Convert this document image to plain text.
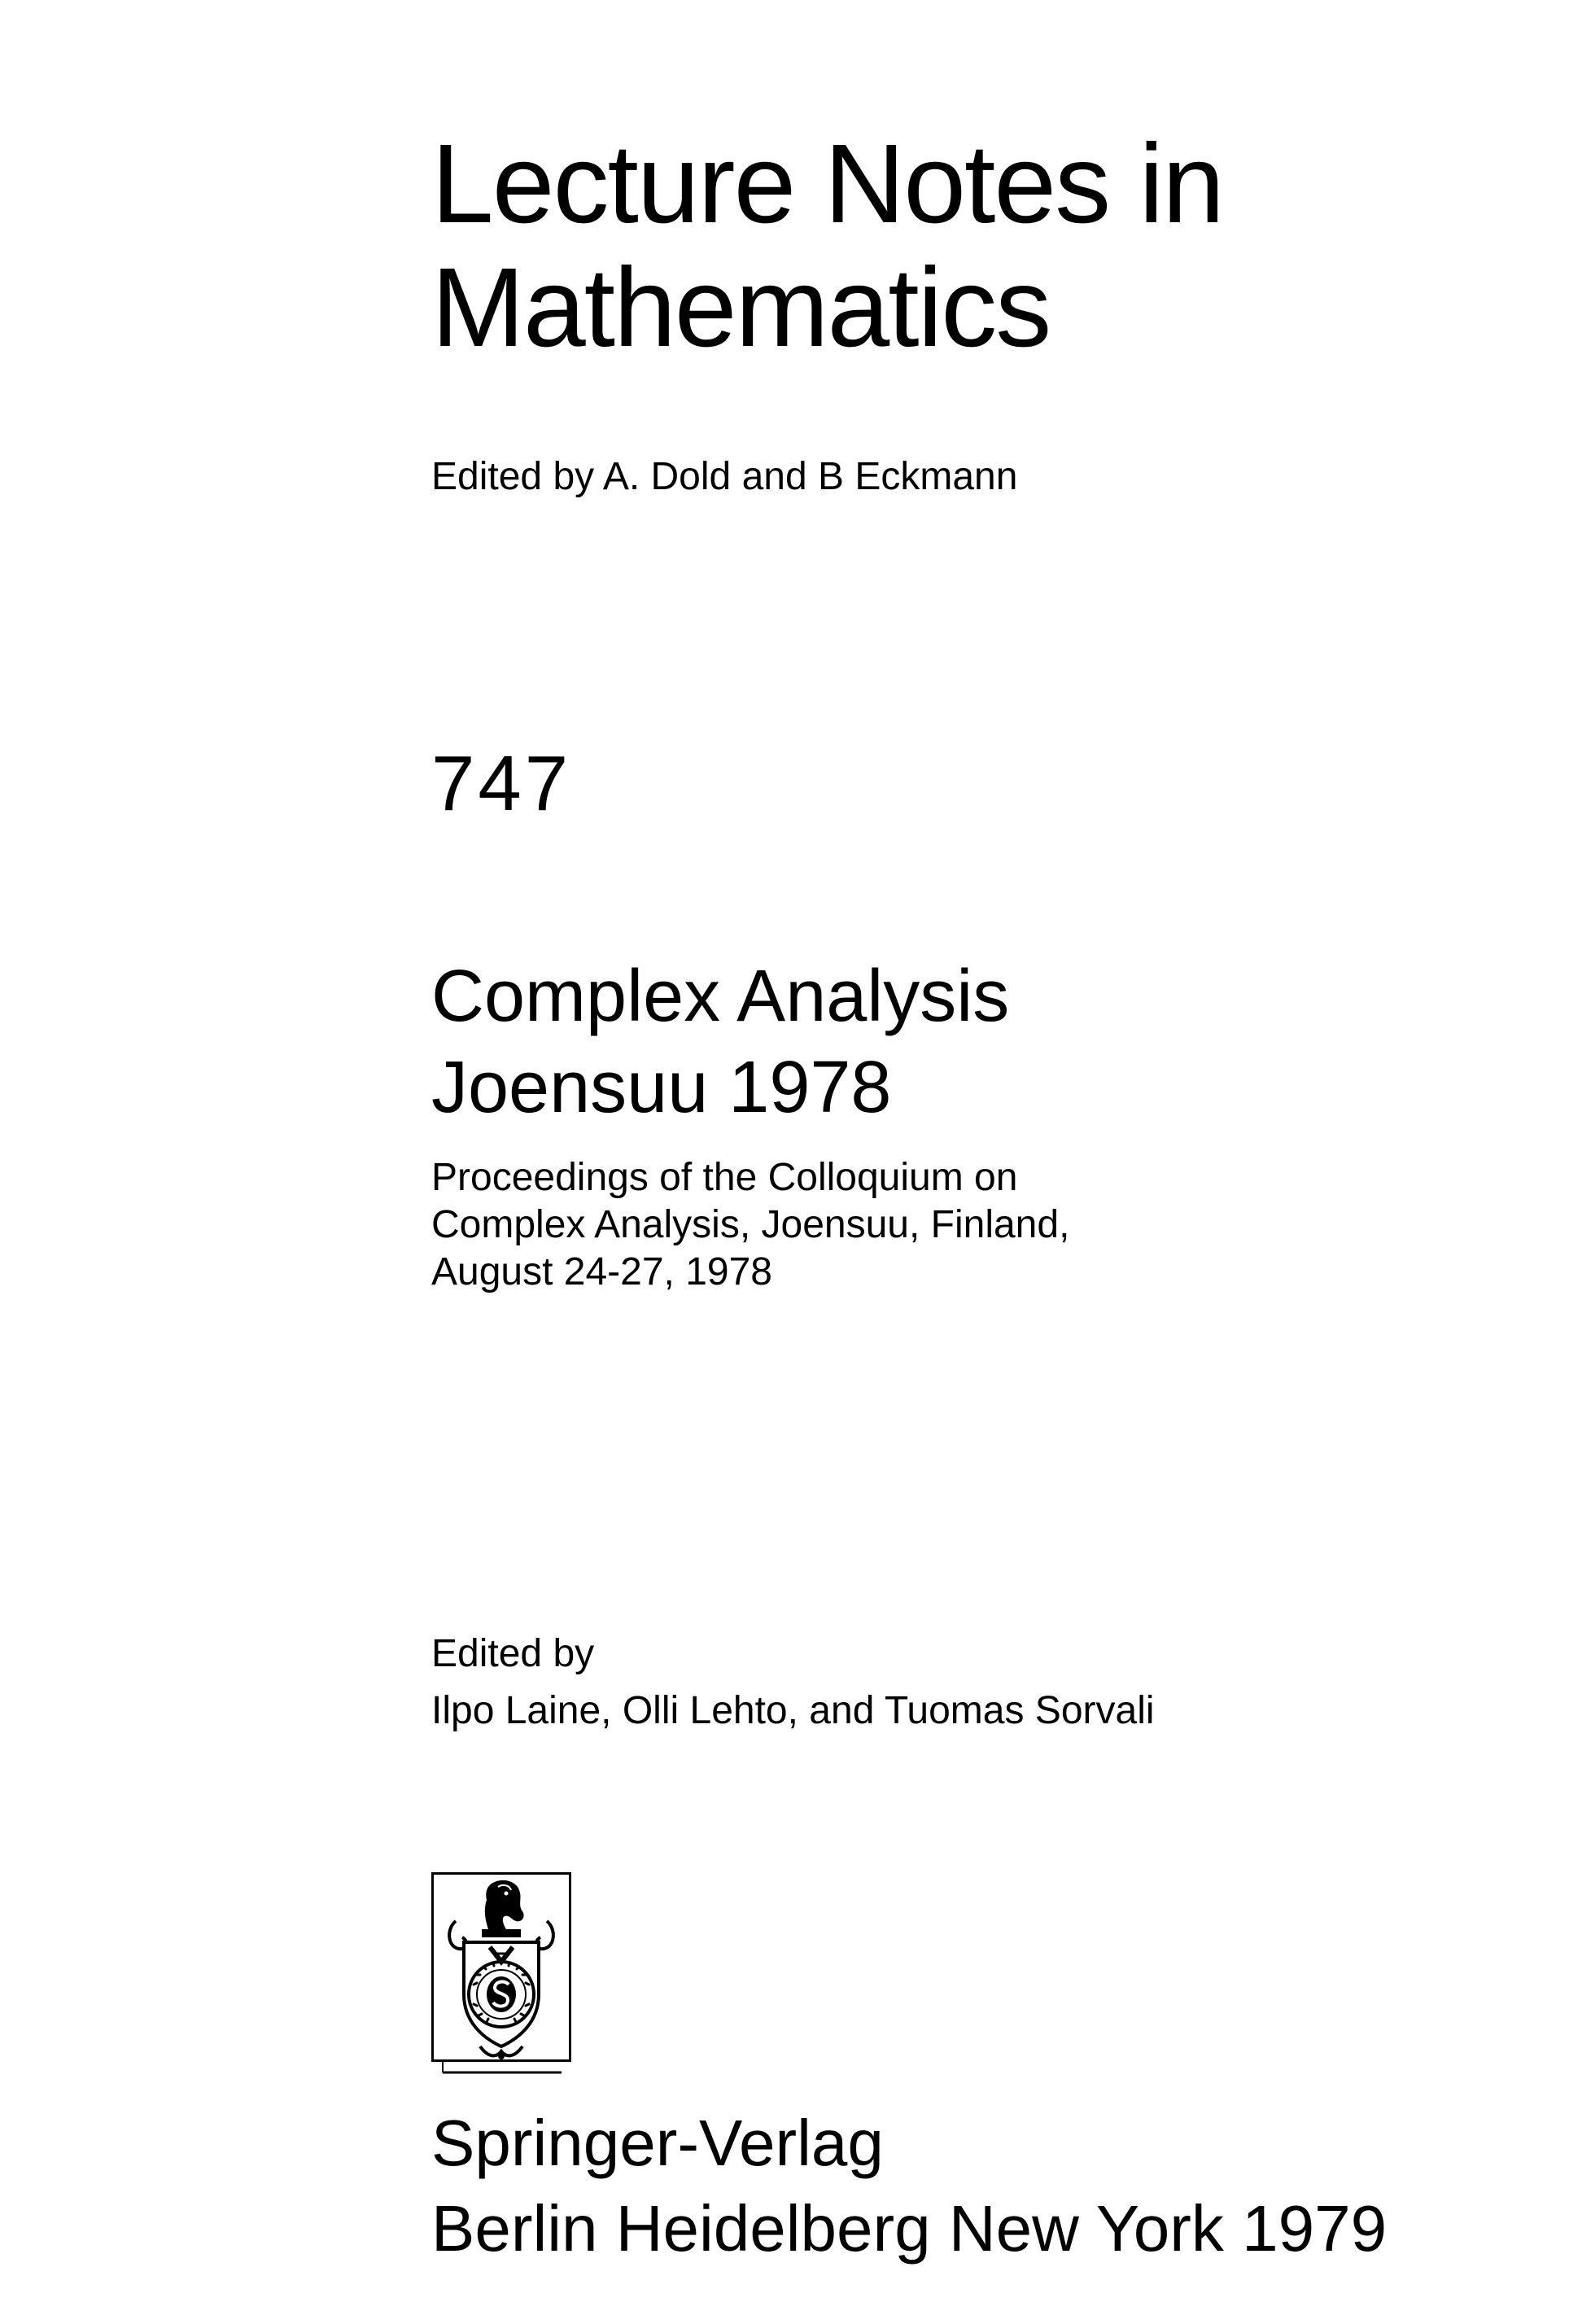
Lecture Notes in
Mathematics
Edited by A. Dold and B Eckmann
747
Complex Analysis
Joensuu 1978
Proceedings of the Colloquium on
Complex Analysis, Joensuu, Finland,
August 24-27, 1978
Edited by
Ilpo Laine, Olli Lehto, and Tuomas Sorvali
Springer-Verlag
Berlin Heidelberg New York 1979
